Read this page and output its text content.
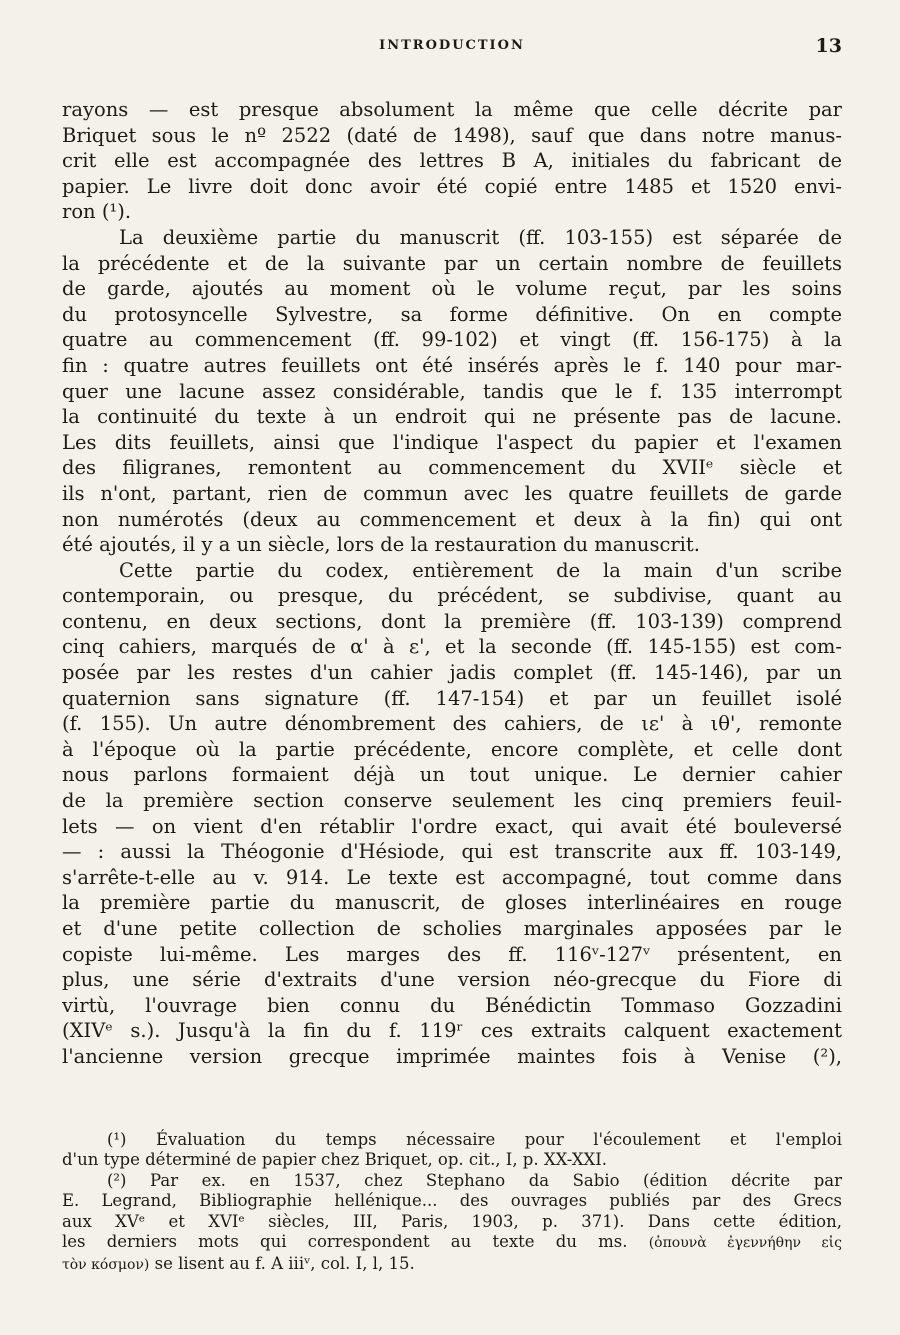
INTRODUCTION	13

rayons — est presque absolument la même que celle décrite par
Briquet sous le nº 2522 (daté de 1498), sauf que dans notre manus-
crit elle est accompagnée des lettres B A, initiales du fabricant de
papier. Le livre doit donc avoir été copié entre 1485 et 1520 envi-
ron (¹).

La deuxième partie du manuscrit (ff. 103-155) est séparée de
la précédente et de la suivante par un certain nombre de feuillets
de garde, ajoutés au moment où le volume reçut, par les soins
du protosyncelle Sylvestre, sa forme définitive. On en compte
quatre au commencement (ff. 99-102) et vingt (ff. 156-175) à la
fin : quatre autres feuillets ont été insérés après le f. 140 pour mar-
quer une lacune assez considérable, tandis que le f. 135 interrompt
la continuité du texte à un endroit qui ne présente pas de lacune.
Les dits feuillets, ainsi que l'indique l'aspect du papier et l'examen
des filigranes, remontent au commencement du XVIIᵉ siècle et
ils n'ont, partant, rien de commun avec les quatre feuillets de garde
non numérotés (deux au commencement et deux à la fin) qui ont
été ajoutés, il y a un siècle, lors de la restauration du manuscrit.

Cette partie du codex, entièrement de la main d'un scribe
contemporain, ou presque, du précédent, se subdivise, quant au
contenu, en deux sections, dont la première (ff. 103-139) comprend
cinq cahiers, marqués de α' à ε', et la seconde (ff. 145-155) est com-
posée par les restes d'un cahier jadis complet (ff. 145-146), par un
quaternion sans signature (ff. 147-154) et par un feuillet isolé
(f. 155). Un autre dénombrement des cahiers, de ιε' à ιθ', remonte
à l'époque où la partie précédente, encore complète, et celle dont
nous parlons formaient déjà un tout unique. Le dernier cahier
de la première section conserve seulement les cinq premiers feuil-
lets — on vient d'en rétablir l'ordre exact, qui avait été bouleversé
— : aussi la Théogonie d'Hésiode, qui est transcrite aux ff. 103-149,
s'arrête-t-elle au v. 914. Le texte est accompagné, tout comme dans
la première partie du manuscrit, de gloses interlinéaires en rouge
et d'une petite collection de scholies marginales apposées par le
copiste lui-même. Les marges des ff. 116ᵛ-127ᵛ présentent, en
plus, une série d'extraits d'une version néo-grecque du Fiore di
virtù, l'ouvrage bien connu du Bénédictin Tommaso Gozzadini
(XIVᵉ s.). Jusqu'à la fin du f. 119ʳ ces extraits calquent exactement
l'ancienne version grecque imprimée maintes fois à Venise (²),

(¹) Évaluation du temps nécessaire pour l'écoulement et l'emploi
d'un type déterminé de papier chez Briquet, op. cit., I, p. XX-XXI.
(²) Par ex. en 1537, chez Stephano da Sabio (édition décrite par
E. Legrand, Bibliographie hellénique... des ouvrages publiés par des Grecs
aux XVᵉ et XVIᵉ siècles, III, Paris, 1903, p. 371). Dans cette édition,
les derniers mots qui correspondent au texte du ms. (ὁπουνὰ ἐγεννήθην εἰς
τὸν κόσμον) se lisent au f. A iiiᵛ, col. I, l, 15.
